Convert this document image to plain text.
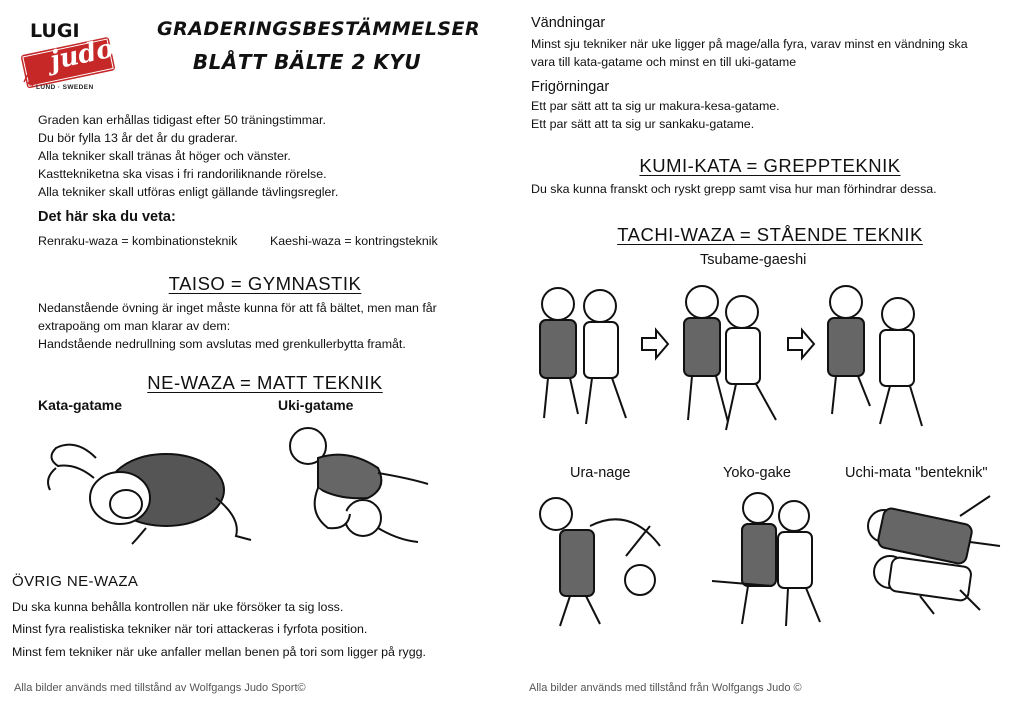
LUGI
judo
LUND · SWEDEN
GRADERINGSBESTÄMMELSER
BLÅTT BÄLTE 2 KYU
Graden kan erhållas tidigast efter 50 träningstimmar.
Du bör fylla 13 år det år du graderar.
Alla tekniker skall tränas åt höger och vänster.
Kasttekniketna ska visas i fri randoriliknande rörelse.
Alla tekniker skall utföras enligt gällande tävlingsregler.
Det här ska du veta:
Renraku-waza = kombinationsteknik	Kaeshi-waza = kontringsteknik
TAISO = GYMNASTIK
Nedanstående övning är inget måste kunna för att få bältet, men man får
extrapoäng om man klarar av dem:
Handstående nedrullning som avslutas med grenkullerbytta framåt.
NE-WAZA = MATT TEKNIK
Kata-gatame	Uki-gatame
ÖVRIG NE-WAZA
Du ska kunna behålla kontrollen när uke försöker ta sig loss.
Minst fyra realistiska tekniker när tori attackeras i fyrfota position.
Minst fem tekniker när uke anfaller mellan benen på tori som ligger på rygg.
Alla bilder används med tillstånd av Wolfgangs Judo Sport©
Vändningar
Minst sju tekniker när uke ligger på mage/alla fyra, varav minst en vändning ska
vara till kata-gatame och minst en till uki-gatame
Frigörningar
Ett par sätt att ta sig ur makura-kesa-gatame.
Ett par sätt att ta sig ur sankaku-gatame.
KUMI-KATA = GREPPTEKNIK
Du ska kunna franskt och ryskt grepp samt visa hur man förhindrar dessa.
TACHI-WAZA = STÅENDE TEKNIK
Tsubame-gaeshi
Ura-nage	Yoko-gake	Uchi-mata "benteknik"
Alla bilder används med tillstånd från Wolfgangs Judo ©
